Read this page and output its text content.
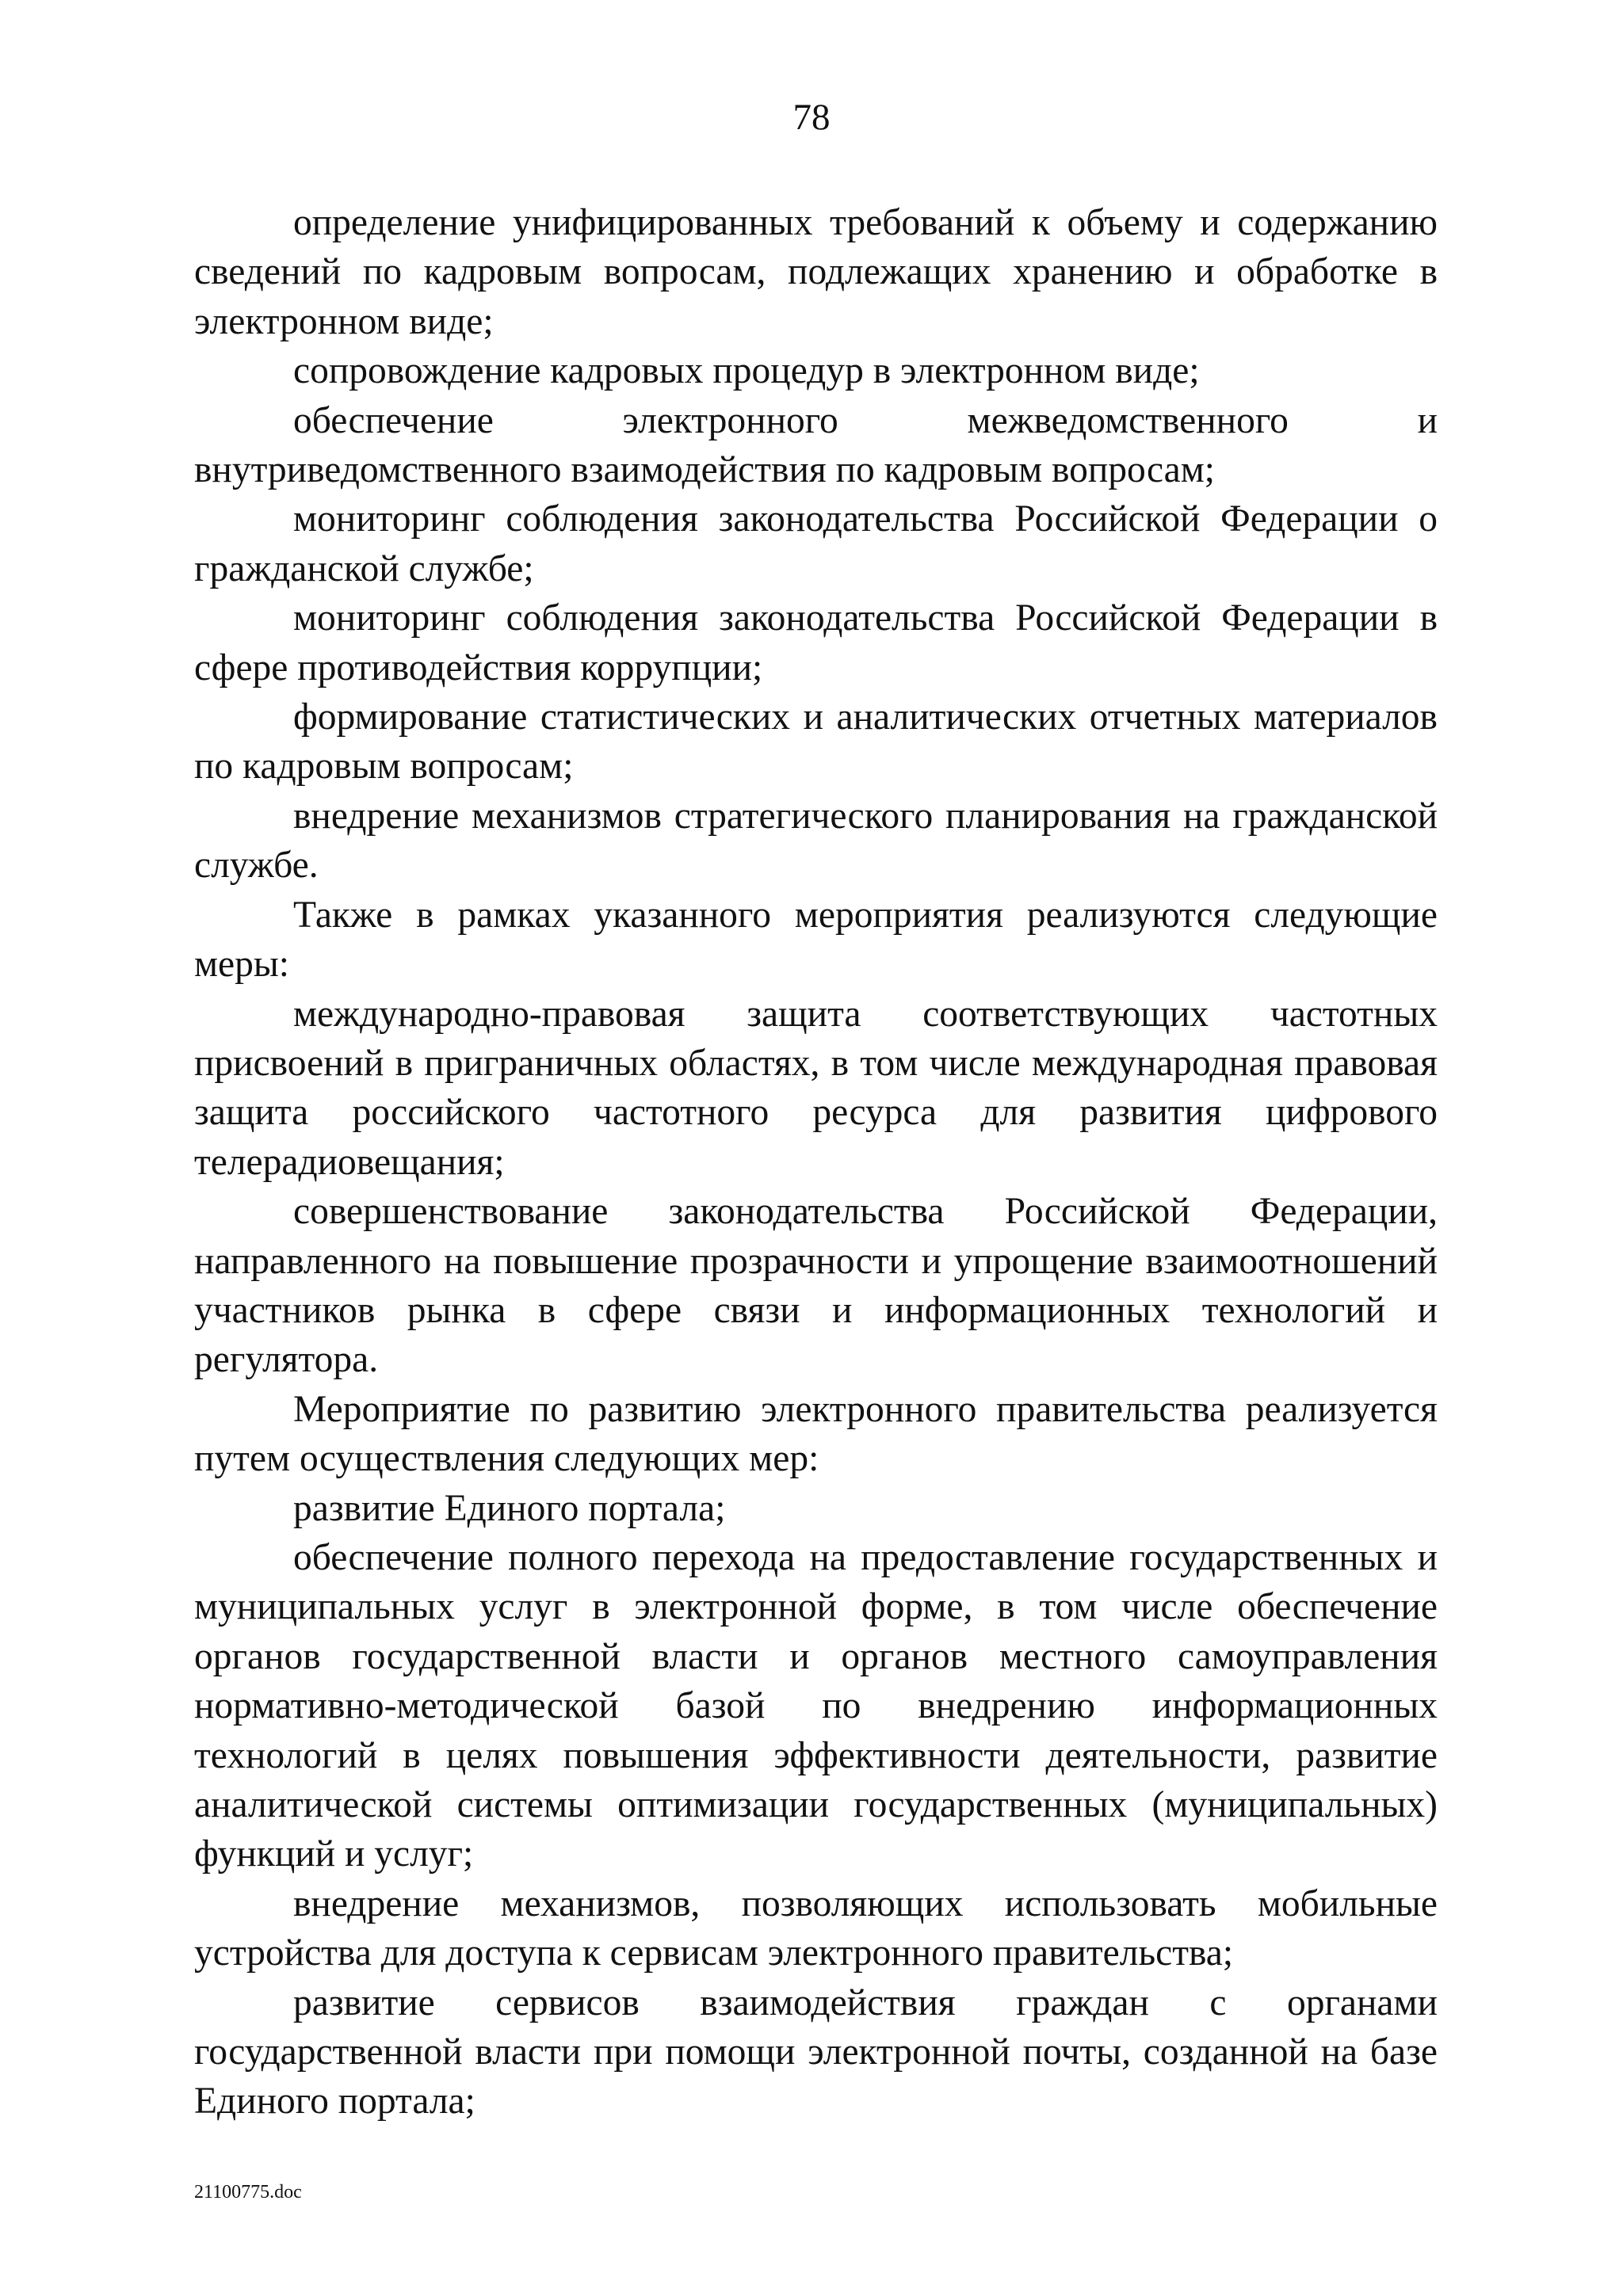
78

определение унифицированных требований к объему и содержанию сведений по кадровым вопросам, подлежащих хранению и обработке в электронном виде;

сопровождение кадровых процедур в электронном виде;

обеспечение электронного межведомственного и внутриведомственного взаимодействия по кадровым вопросам;

мониторинг соблюдения законодательства Российской Федерации о гражданской службе;

мониторинг соблюдения законодательства Российской Федерации в сфере противодействия коррупции;

формирование статистических и аналитических отчетных материалов по кадровым вопросам;

внедрение механизмов стратегического планирования на гражданской службе.

Также в рамках указанного мероприятия реализуются следующие меры:

международно-правовая защита соответствующих частотных присвоений в приграничных областях, в том числе международная правовая защита российского частотного ресурса для развития цифрового телерадиовещания;

совершенствование законодательства Российской Федерации, направленного на повышение прозрачности и упрощение взаимоотношений участников рынка в сфере связи и информационных технологий и регулятора.

Мероприятие по развитию электронного правительства реализуется путем осуществления следующих мер:

развитие Единого портала;

обеспечение полного перехода на предоставление государственных и муниципальных услуг в электронной форме, в том числе обеспечение органов государственной власти и органов местного самоуправления нормативно-методической базой по внедрению информационных технологий в целях повышения эффективности деятельности, развитие аналитической системы оптимизации государственных (муниципальных) функций и услуг;

внедрение механизмов, позволяющих использовать мобильные устройства для доступа к сервисам электронного правительства;

развитие сервисов взаимодействия граждан с органами государственной власти при помощи электронной почты, созданной на базе Единого портала;

21100775.doc
